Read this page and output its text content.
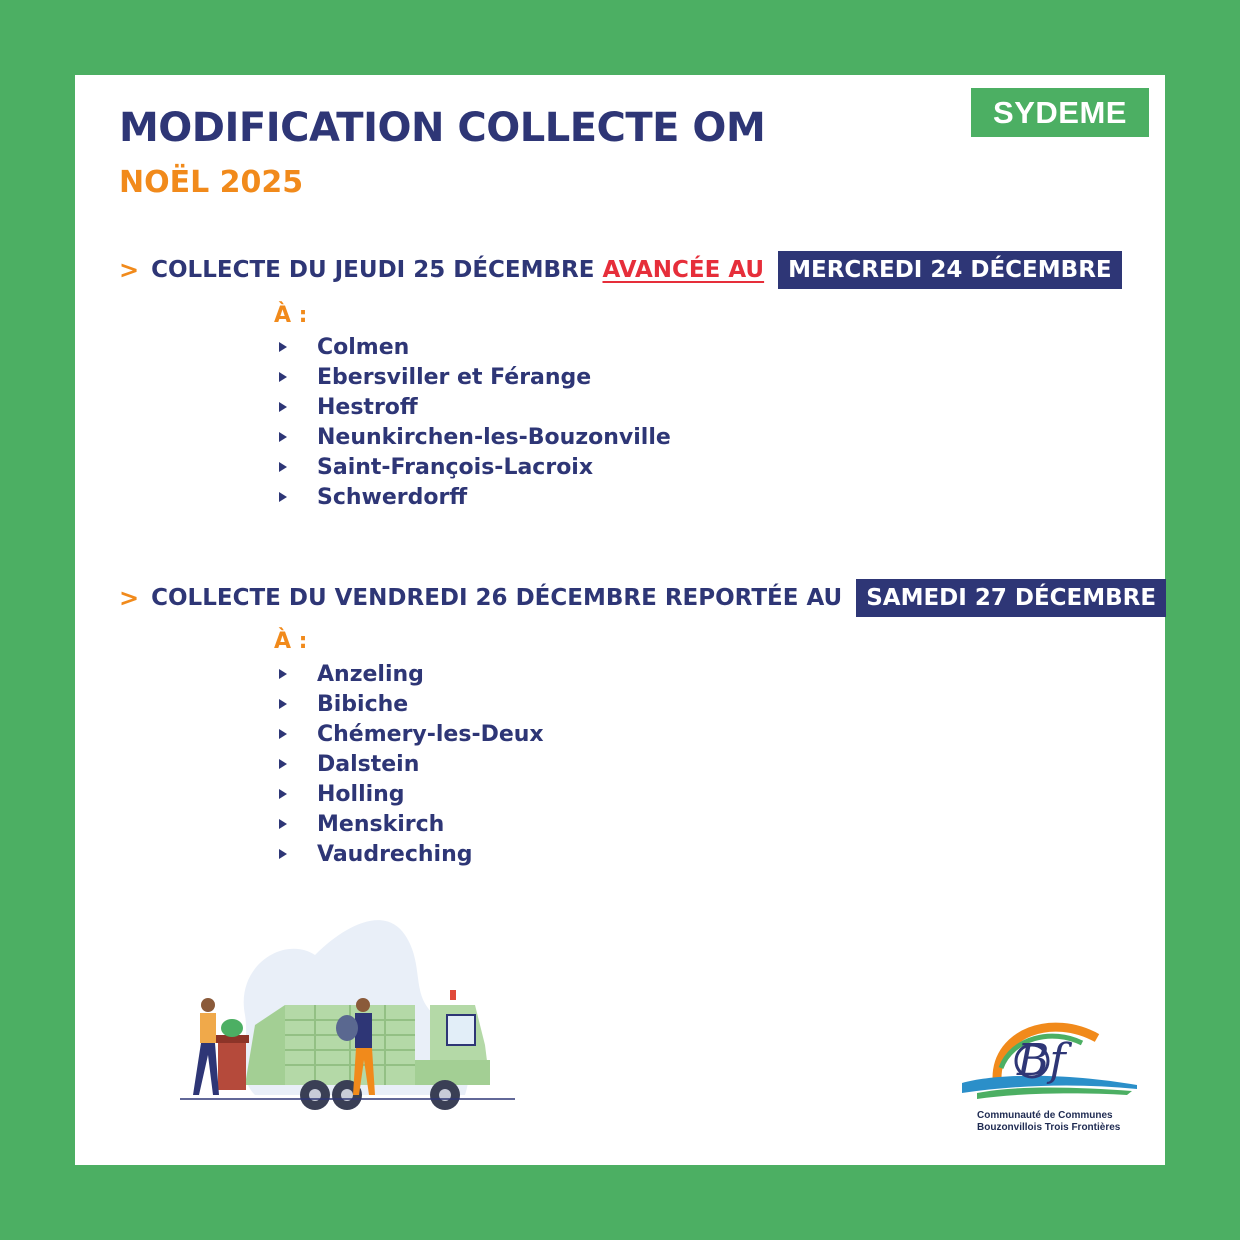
MODIFICATION COLLECTE OM
NOËL 2025
SYDEME
> COLLECTE DU JEUDI 25 DÉCEMBRE AVANCÉE AU	MERCREDI 24 DÉCEMBRE
À :
Colmen
Ebersviller et Férange
Hestroff
Neunkirchen-les-Bouzonville
Saint-François-Lacroix
Schwerdorff
> COLLECTE DU VENDREDI 26 DÉCEMBRE REPORTÉE AU	SAMEDI 27 DÉCEMBRE
À :
Anzeling
Bibiche
Chémery-les-Deux
Dalstein
Holling
Menskirch
Vaudreching
Bf
Communauté de Communes
Bouzonvillois Trois Frontières
